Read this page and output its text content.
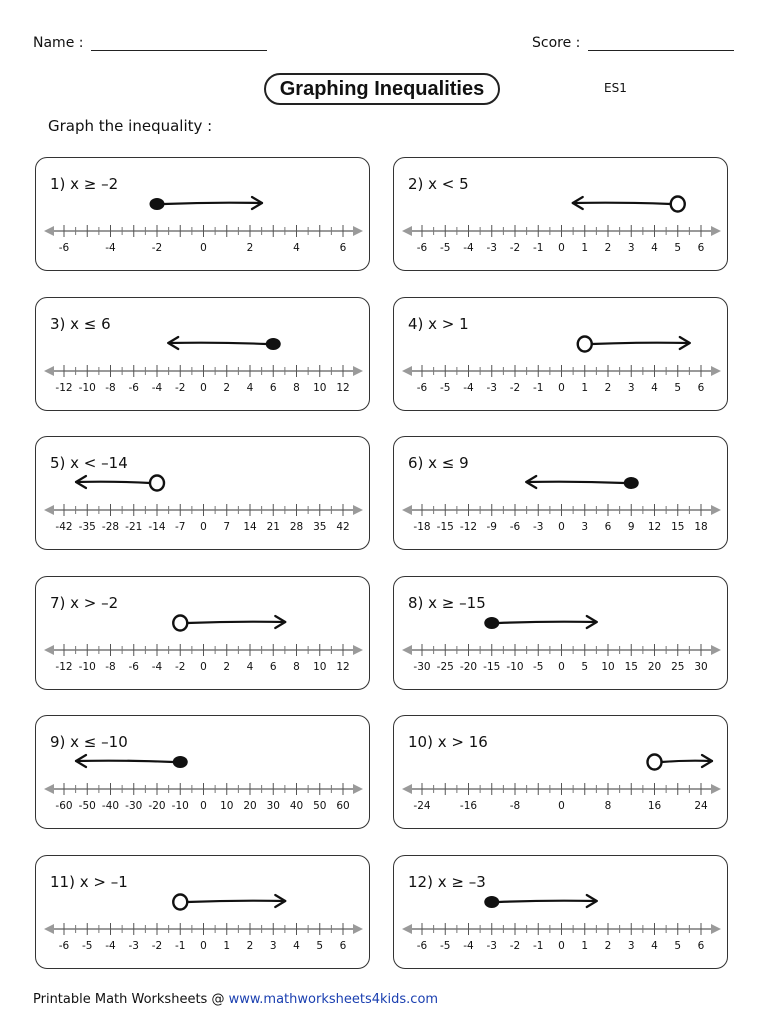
Name :	Score :
Graphing Inequalities	ES1
Graph the inequality :
1) x ≥ –2
-6	-4	-2	0	2	4	6
2) x < 5
-6 -5 -4 -3 -2 -1 0 1 2 3 4 5 6
3) x ≤ 6
-12 -10 -8 -6 -4 -2 0 2 4 6 8 10 12
4) x > 1
-6 -5 -4 -3 -2 -1 0 1 2 3 4 5 6
5) x < –14
-42 -35 -28 -21 -14 -7 0 7 14 21 28 35 42
6) x ≤ 9
-18 -15 -12 -9 -6 -3 0 3 6 9 12 15 18
7) x > –2
-12 -10 -8 -6 -4 -2 0 2 4 6 8 10 12
8) x ≥ –15
-30 -25 -20 -15 -10 -5 0 5 10 15 20 25 30
9) x ≤ –10
-60 -50 -40 -30 -20 -10 0 10 20 30 40 50 60
10) x > 16
-24	-16	-8	0	8	16	24
11) x > –1
-6 -5 -4 -3 -2 -1 0 1 2 3 4 5 6
12) x ≥ –3
-6 -5 -4 -3 -2 -1 0 1 2 3 4 5 6
Printable Math Worksheets @ www.mathworksheets4kids.com
